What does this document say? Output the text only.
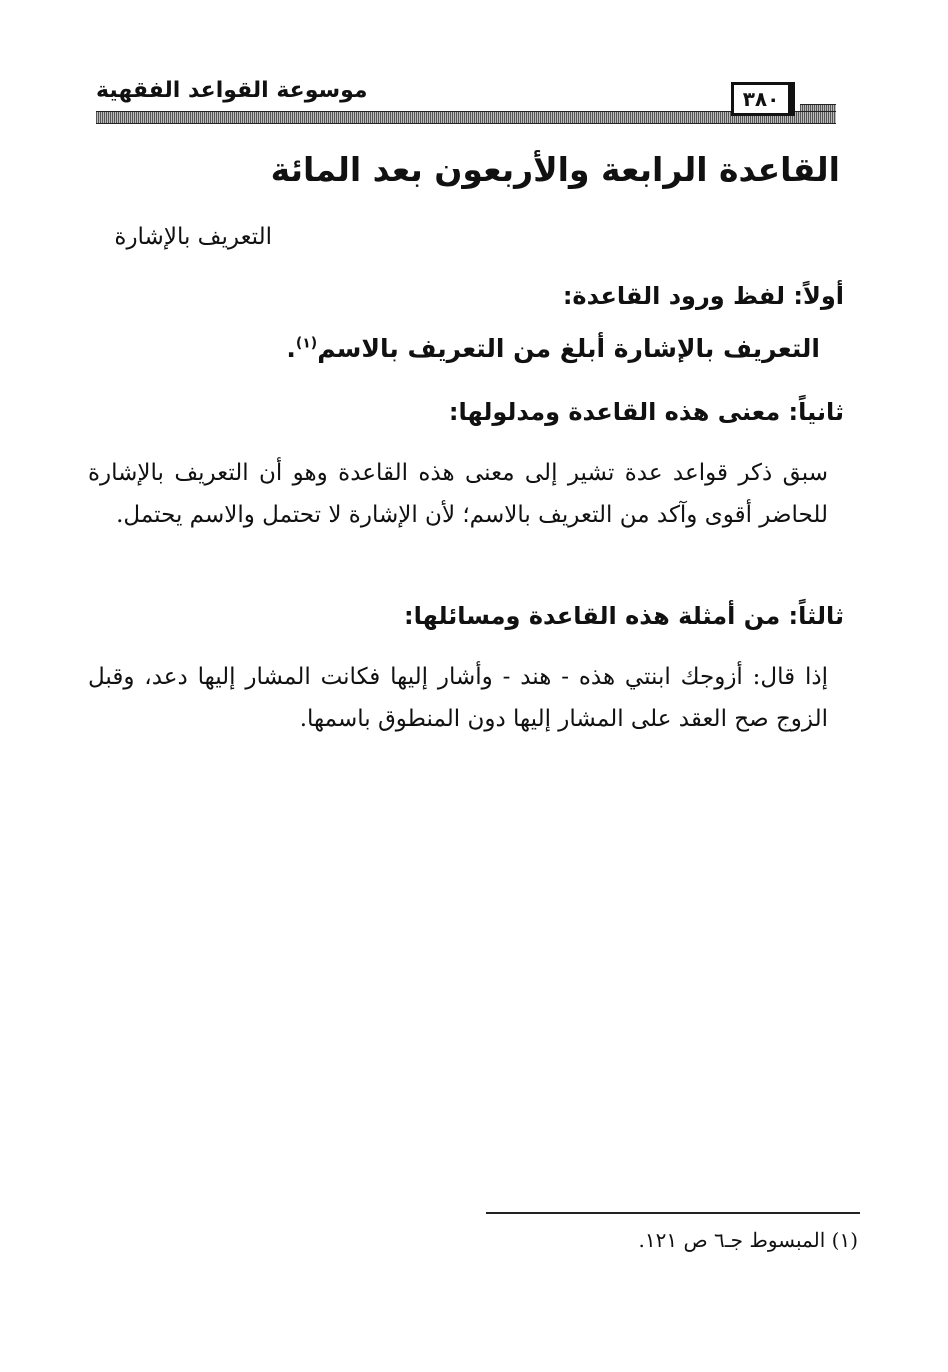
موسوعة القواعد الفقهية	٣٨٠
القاعدة الرابعة والأربعون بعد المائة
التعريف بالإشارة
أولاً: لفظ ورود القاعدة:
التعريف بالإشارة أبلغ من التعريف بالاسم$^{(١)}$.
ثانياً: معنى هذه القاعدة ومدلولها:
سبق ذكر قواعد عدة تشير إلى معنى هذه القاعدة وهو أن التعريف بالإشارة للحاضر أقوى وآكد من التعريف بالاسم؛ لأن الإشارة لا تحتمل والاسم يحتمل.
ثالثاً: من أمثلة هذه القاعدة ومسائلها:
إذا قال: أزوجك ابنتي هذه - هند - وأشار إليها فكانت المشار إليها دعد، وقبل الزوج صح العقد على المشار إليها دون المنطوق باسمها.
(١) المبسوط جـ٦ ص ١٢١.
